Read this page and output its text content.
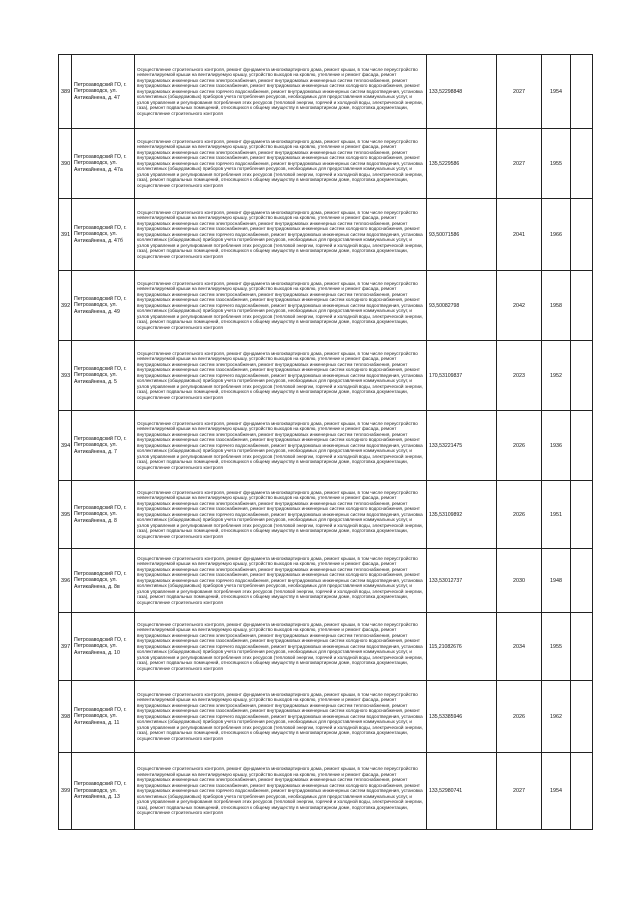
389	Петрозаводский ГО, г. Петрозаводск, ул. Антикайнена, д. 47	Осуществление строительного контроля, ремонт фундамента многоквартирного дома, ремонт крыши, в том числе переустройство невентилируемой крыши на вентилируемую крышу, устройство выходов на кровлю, утепление и ремонт фасада, ремонт внутридомовых инженерных систем электроснабжения, ремонт внутридомовых инженерных систем теплоснабжения, ремонт внутридомовых инженерных систем газоснабжения, ремонт внутридомовых инженерных систем холодного водоснабжения, ремонт внутридомовых инженерных систем горячего водоснабжения, ремонт внутридомовых инженерных систем водоотведения, установка коллективных (общедомовых) приборов учета потребления ресурсов, необходимых для предоставления коммунальных услуг, и узлов управления и регулирования потребления этих ресурсов (тепловой энергии, горячей и холодной воды, электрической энергии, газа), ремонт подвальных помещений, относящихся к общему имуществу в многоквартирном доме, подготовка документации, осуществление строительного контроля	133,52298848	2027	1954	
390	Петрозаводский ГО, г. Петрозаводск, ул. Антикайнена, д. 47а	Осуществление строительного контроля, ремонт фундамента многоквартирного дома, ремонт крыши, в том числе переустройство невентилируемой крыши на вентилируемую крышу, устройство выходов на кровлю, утепление и ремонт фасада, ремонт внутридомовых инженерных систем электроснабжения, ремонт внутридомовых инженерных систем теплоснабжения, ремонт внутридомовых инженерных систем газоснабжения, ремонт внутридомовых инженерных систем холодного водоснабжения, ремонт внутридомовых инженерных систем горячего водоснабжения, ремонт внутридомовых инженерных систем водоотведения, установка коллективных (общедомовых) приборов учета потребления ресурсов, необходимых для предоставления коммунальных услуг, и узлов управления и регулирования потребления этих ресурсов (тепловой энергии, горячей и холодной воды, электрической энергии, газа), ремонт подвальных помещений, относящихся к общему имуществу в многоквартирном доме, подготовка документации, осуществление строительного контроля	135,5229586	2027	1955	
391	Петрозаводский ГО, г. Петрозаводск, ул. Антикайнена, д. 47б	Осуществление строительного контроля, ремонт фундамента многоквартирного дома, ремонт крыши, в том числе переустройство невентилируемой крыши на вентилируемую крышу, устройство выходов на кровлю, утепление и ремонт фасада, ремонт внутридомовых инженерных систем электроснабжения, ремонт внутридомовых инженерных систем теплоснабжения, ремонт внутридомовых инженерных систем газоснабжения, ремонт внутридомовых инженерных систем холодного водоснабжения, ремонт внутридомовых инженерных систем горячего водоснабжения, ремонт внутридомовых инженерных систем водоотведения, установка коллективных (общедомовых) приборов учета потребления ресурсов, необходимых для предоставления коммунальных услуг, и узлов управления и регулирования потребления этих ресурсов (тепловой энергии, горячей и холодной воды, электрической энергии, газа), ремонт подвальных помещений, относящихся к общему имуществу в многоквартирном доме, подготовка документации, осуществление строительного контроля	93,50071586	2041	1966	
392	Петрозаводский ГО, г. Петрозаводск, ул. Антикайнена, д. 49	Осуществление строительного контроля, ремонт фундамента многоквартирного дома, ремонт крыши, в том числе переустройство невентилируемой крыши на вентилируемую крышу, устройство выходов на кровлю, утепление и ремонт фасада, ремонт внутридомовых инженерных систем электроснабжения, ремонт внутридомовых инженерных систем теплоснабжения, ремонт внутридомовых инженерных систем газоснабжения, ремонт внутридомовых инженерных систем холодного водоснабжения, ремонт внутридомовых инженерных систем горячего водоснабжения, ремонт внутридомовых инженерных систем водоотведения, установка коллективных (общедомовых) приборов учета потребления ресурсов, необходимых для предоставления коммунальных услуг, и узлов управления и регулирования потребления этих ресурсов (тепловой энергии, горячей и холодной воды, электрической энергии, газа), ремонт подвальных помещений, относящихся к общему имуществу в многоквартирном доме, подготовка документации, осуществление строительного контроля	93,50082798	2042	1958	
393	Петрозаводский ГО, г. Петрозаводск, ул. Антикайнена, д. 5	Осуществление строительного контроля, ремонт фундамента многоквартирного дома, ремонт крыши, в том числе переустройство невентилируемой крыши на вентилируемую крышу, устройство выходов на кровлю, утепление и ремонт фасада, ремонт внутридомовых инженерных систем электроснабжения, ремонт внутридомовых инженерных систем теплоснабжения, ремонт внутридомовых инженерных систем газоснабжения, ремонт внутридомовых инженерных систем холодного водоснабжения, ремонт внутридомовых инженерных систем горячего водоснабжения, ремонт внутридомовых инженерных систем водоотведения, установка коллективных (общедомовых) приборов учета потребления ресурсов, необходимых для предоставления коммунальных услуг, и узлов управления и регулирования потребления этих ресурсов (тепловой энергии, горячей и холодной воды, электрической энергии, газа), ремонт подвальных помещений, относящихся к общему имуществу в многоквартирном доме, подготовка документации, осуществление строительного контроля	170,53109837	2023	1952	
394	Петрозаводский ГО, г. Петрозаводск, ул. Антикайнена, д. 7	Осуществление строительного контроля, ремонт фундамента многоквартирного дома, ремонт крыши, в том числе переустройство невентилируемой крыши на вентилируемую крышу, устройство выходов на кровлю, утепление и ремонт фасада, ремонт внутридомовых инженерных систем электроснабжения, ремонт внутридомовых инженерных систем теплоснабжения, ремонт внутридомовых инженерных систем газоснабжения, ремонт внутридомовых инженерных систем холодного водоснабжения, ремонт внутридомовых инженерных систем горячего водоснабжения, ремонт внутридомовых инженерных систем водоотведения, установка коллективных (общедомовых) приборов учета потребления ресурсов, необходимых для предоставления коммунальных услуг, и узлов управления и регулирования потребления этих ресурсов (тепловой энергии, горячей и холодной воды, электрической энергии, газа), ремонт подвальных помещений, относящихся к общему имуществу в многоквартирном доме, подготовка документации, осуществление строительного контроля	133,53221475	2026	1936	
395	Петрозаводский ГО, г. Петрозаводск, ул. Антикайнена, д. 8	Осуществление строительного контроля, ремонт фундамента многоквартирного дома, ремонт крыши, в том числе переустройство невентилируемой крыши на вентилируемую крышу, устройство выходов на кровлю, утепление и ремонт фасада, ремонт внутридомовых инженерных систем электроснабжения, ремонт внутридомовых инженерных систем теплоснабжения, ремонт внутридомовых инженерных систем газоснабжения, ремонт внутридомовых инженерных систем холодного водоснабжения, ремонт внутридомовых инженерных систем горячего водоснабжения, ремонт внутридомовых инженерных систем водоотведения, установка коллективных (общедомовых) приборов учета потребления ресурсов, необходимых для предоставления коммунальных услуг, и узлов управления и регулирования потребления этих ресурсов (тепловой энергии, горячей и холодной воды, электрической энергии, газа), ремонт подвальных помещений, относящихся к общему имуществу в многоквартирном доме, подготовка документации, осуществление строительного контроля	135,53109892	2026	1951	
396	Петрозаводский ГО, г. Петрозаводск, ул. Антикайнена, д. 8в	Осуществление строительного контроля, ремонт фундамента многоквартирного дома, ремонт крыши, в том числе переустройство невентилируемой крыши на вентилируемую крышу, устройство выходов на кровлю, утепление и ремонт фасада, ремонт внутридомовых инженерных систем электроснабжения, ремонт внутридомовых инженерных систем теплоснабжения, ремонт внутридомовых инженерных систем газоснабжения, ремонт внутридомовых инженерных систем холодного водоснабжения, ремонт внутридомовых инженерных систем горячего водоснабжения, ремонт внутридомовых инженерных систем водоотведения, установка коллективных (общедомовых) приборов учета потребления ресурсов, необходимых для предоставления коммунальных услуг, и узлов управления и регулирования потребления этих ресурсов (тепловой энергии, горячей и холодной воды, электрической энергии, газа), ремонт подвальных помещений, относящихся к общему имуществу в многоквартирном доме, подготовка документации, осуществление строительного контроля	133,53012737	2030	1948	
397	Петрозаводский ГО, г. Петрозаводск, ул. Антикайнена, д. 10	Осуществление строительного контроля, ремонт фундамента многоквартирного дома, ремонт крыши, в том числе переустройство невентилируемой крыши на вентилируемую крышу, устройство выходов на кровлю, утепление и ремонт фасада, ремонт внутридомовых инженерных систем электроснабжения, ремонт внутридомовых инженерных систем теплоснабжения, ремонт внутридомовых инженерных систем газоснабжения, ремонт внутридомовых инженерных систем холодного водоснабжения, ремонт внутридомовых инженерных систем горячего водоснабжения, ремонт внутридомовых инженерных систем водоотведения, установка коллективных (общедомовых) приборов учета потребления ресурсов, необходимых для предоставления коммунальных услуг, и узлов управления и регулирования потребления этих ресурсов (тепловой энергии, горячей и холодной воды, электрической энергии, газа), ремонт подвальных помещений, относящихся к общему имуществу в многоквартирном доме, подготовка документации, осуществление строительного контроля	115,21082676	2034	1955	
398	Петрозаводский ГО, г. Петрозаводск, ул. Антикайнена, д. 11	Осуществление строительного контроля, ремонт фундамента многоквартирного дома, ремонт крыши, в том числе переустройство невентилируемой крыши на вентилируемую крышу, устройство выходов на кровлю, утепление и ремонт фасада, ремонт внутридомовых инженерных систем электроснабжения, ремонт внутридомовых инженерных систем теплоснабжения, ремонт внутридомовых инженерных систем газоснабжения, ремонт внутридомовых инженерных систем холодного водоснабжения, ремонт внутридомовых инженерных систем горячего водоснабжения, ремонт внутридомовых инженерных систем водоотведения, установка коллективных (общедомовых) приборов учета потребления ресурсов, необходимых для предоставления коммунальных услуг, и узлов управления и регулирования потребления этих ресурсов (тепловой энергии, горячей и холодной воды, электрической энергии, газа), ремонт подвальных помещений, относящихся к общему имуществу в многоквартирном доме, подготовка документации, осуществление строительного контроля	135,53385946	2026	1962	
399	Петрозаводский ГО, г. Петрозаводск, ул. Антикайнена, д. 13	Осуществление строительного контроля, ремонт фундамента многоквартирного дома, ремонт крыши, в том числе переустройство невентилируемой крыши на вентилируемую крышу, устройство выходов на кровлю, утепление и ремонт фасада, ремонт внутридомовых инженерных систем электроснабжения, ремонт внутридомовых инженерных систем теплоснабжения, ремонт внутридомовых инженерных систем газоснабжения, ремонт внутридомовых инженерных систем холодного водоснабжения, ремонт внутридомовых инженерных систем горячего водоснабжения, ремонт внутридомовых инженерных систем водоотведения, установка коллективных (общедомовых) приборов учета потребления ресурсов, необходимых для предоставления коммунальных услуг, и узлов управления и регулирования потребления этих ресурсов (тепловой энергии, горячей и холодной воды, электрической энергии, газа), ремонт подвальных помещений, относящихся к общему имуществу в многоквартирном доме, подготовка документации, осуществление строительного контроля	133,52980741	2027	1954	
